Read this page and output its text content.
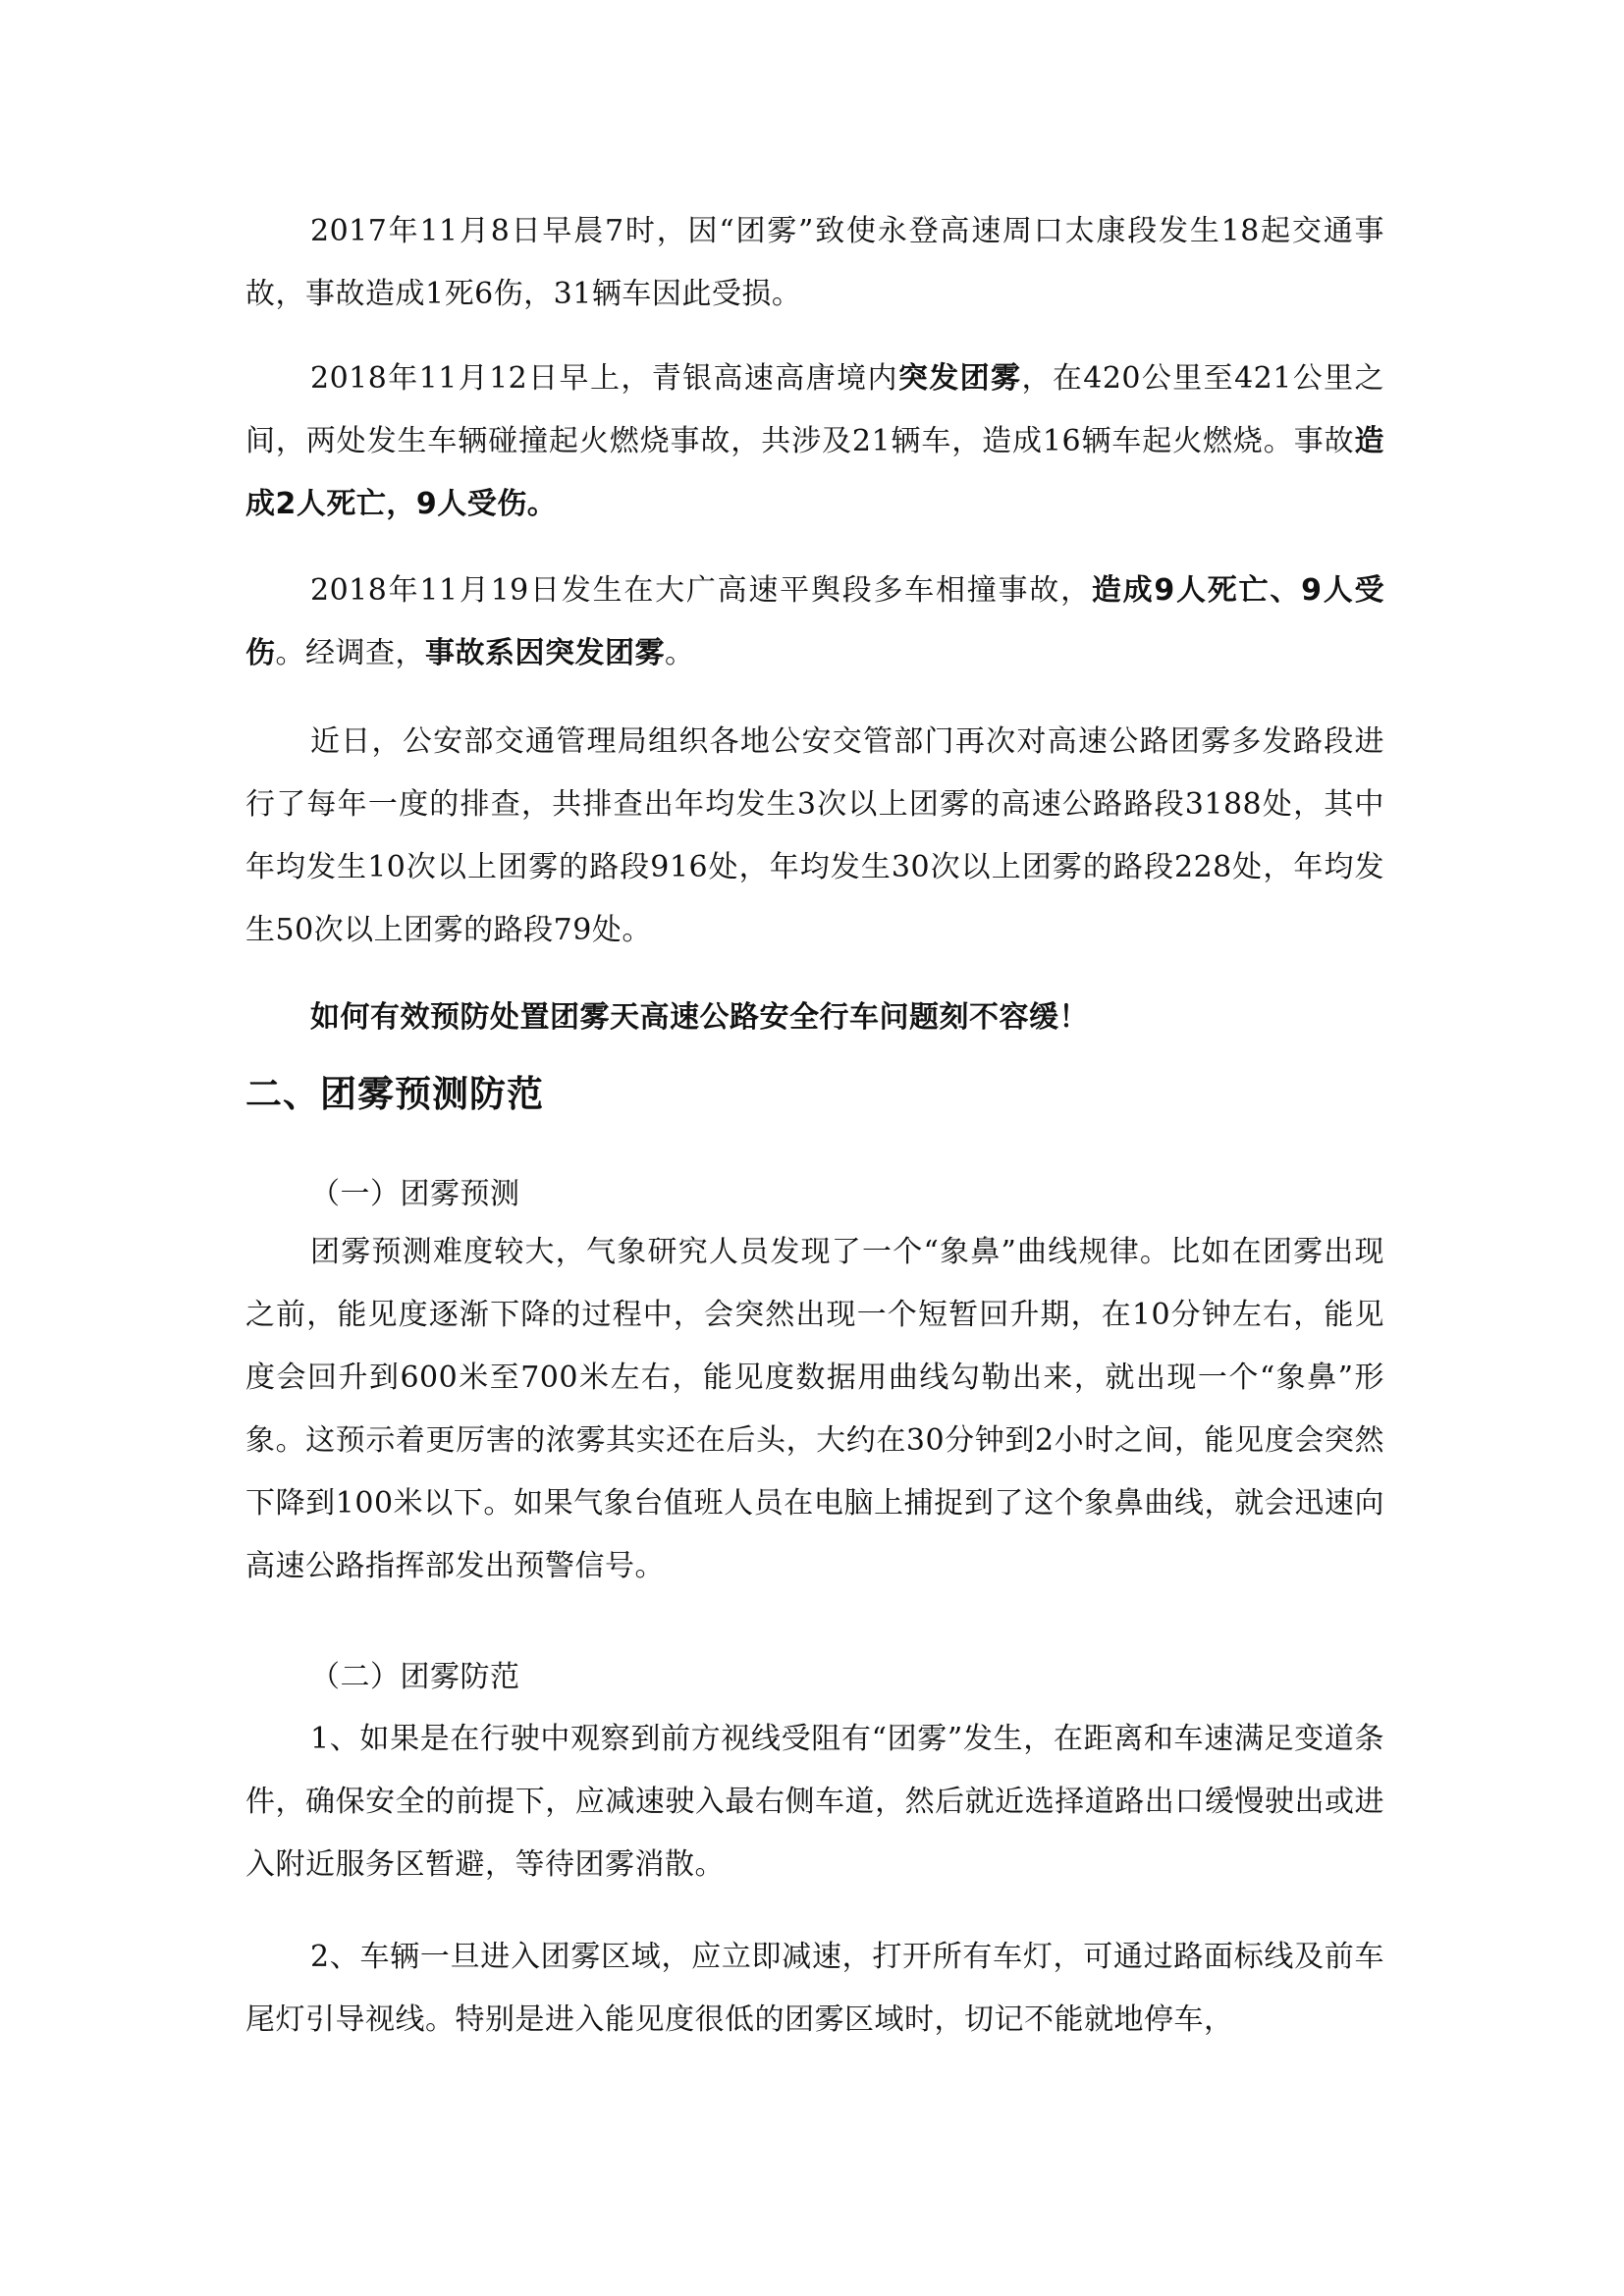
2017年11月8日早晨7时，因“团雾”致使永登高速周口太康段发生18起交通事故，事故造成1死6伤，31辆车因此受损。

2018年11月12日早上，青银高速高唐境内突发团雾，在420公里至421公里之间，两处发生车辆碰撞起火燃烧事故，共涉及21辆车，造成16辆车起火燃烧。事故造成2人死亡，9人受伤。

2018年11月19日发生在大广高速平舆段多车相撞事故，造成9人死亡、9人受伤。经调查，事故系因突发团雾。

近日，公安部交通管理局组织各地公安交管部门再次对高速公路团雾多发路段进行了每年一度的排查，共排查出年均发生3次以上团雾的高速公路路段3188处，其中年均发生10次以上团雾的路段916处，年均发生30次以上团雾的路段228处，年均发生50次以上团雾的路段79处。

如何有效预防处置团雾天高速公路安全行车问题刻不容缓！

二、团雾预测防范

（一）团雾预测

团雾预测难度较大，气象研究人员发现了一个“象鼻”曲线规律。比如在团雾出现之前，能见度逐渐下降的过程中，会突然出现一个短暂回升期，在10分钟左右，能见度会回升到600米至700米左右，能见度数据用曲线勾勒出来，就出现一个“象鼻”形象。这预示着更厉害的浓雾其实还在后头，大约在30分钟到2小时之间，能见度会突然下降到100米以下。如果气象台值班人员在电脑上捕捉到了这个象鼻曲线，就会迅速向高速公路指挥部发出预警信号。

（二）团雾防范

1、如果是在行驶中观察到前方视线受阻有“团雾”发生，在距离和车速满足变道条件，确保安全的前提下，应减速驶入最右侧车道，然后就近选择道路出口缓慢驶出或进入附近服务区暂避，等待团雾消散。

2、车辆一旦进入团雾区域，应立即减速，打开所有车灯，可通过路面标线及前车尾灯引导视线。特别是进入能见度很低的团雾区域时，切记不能就地停车，
